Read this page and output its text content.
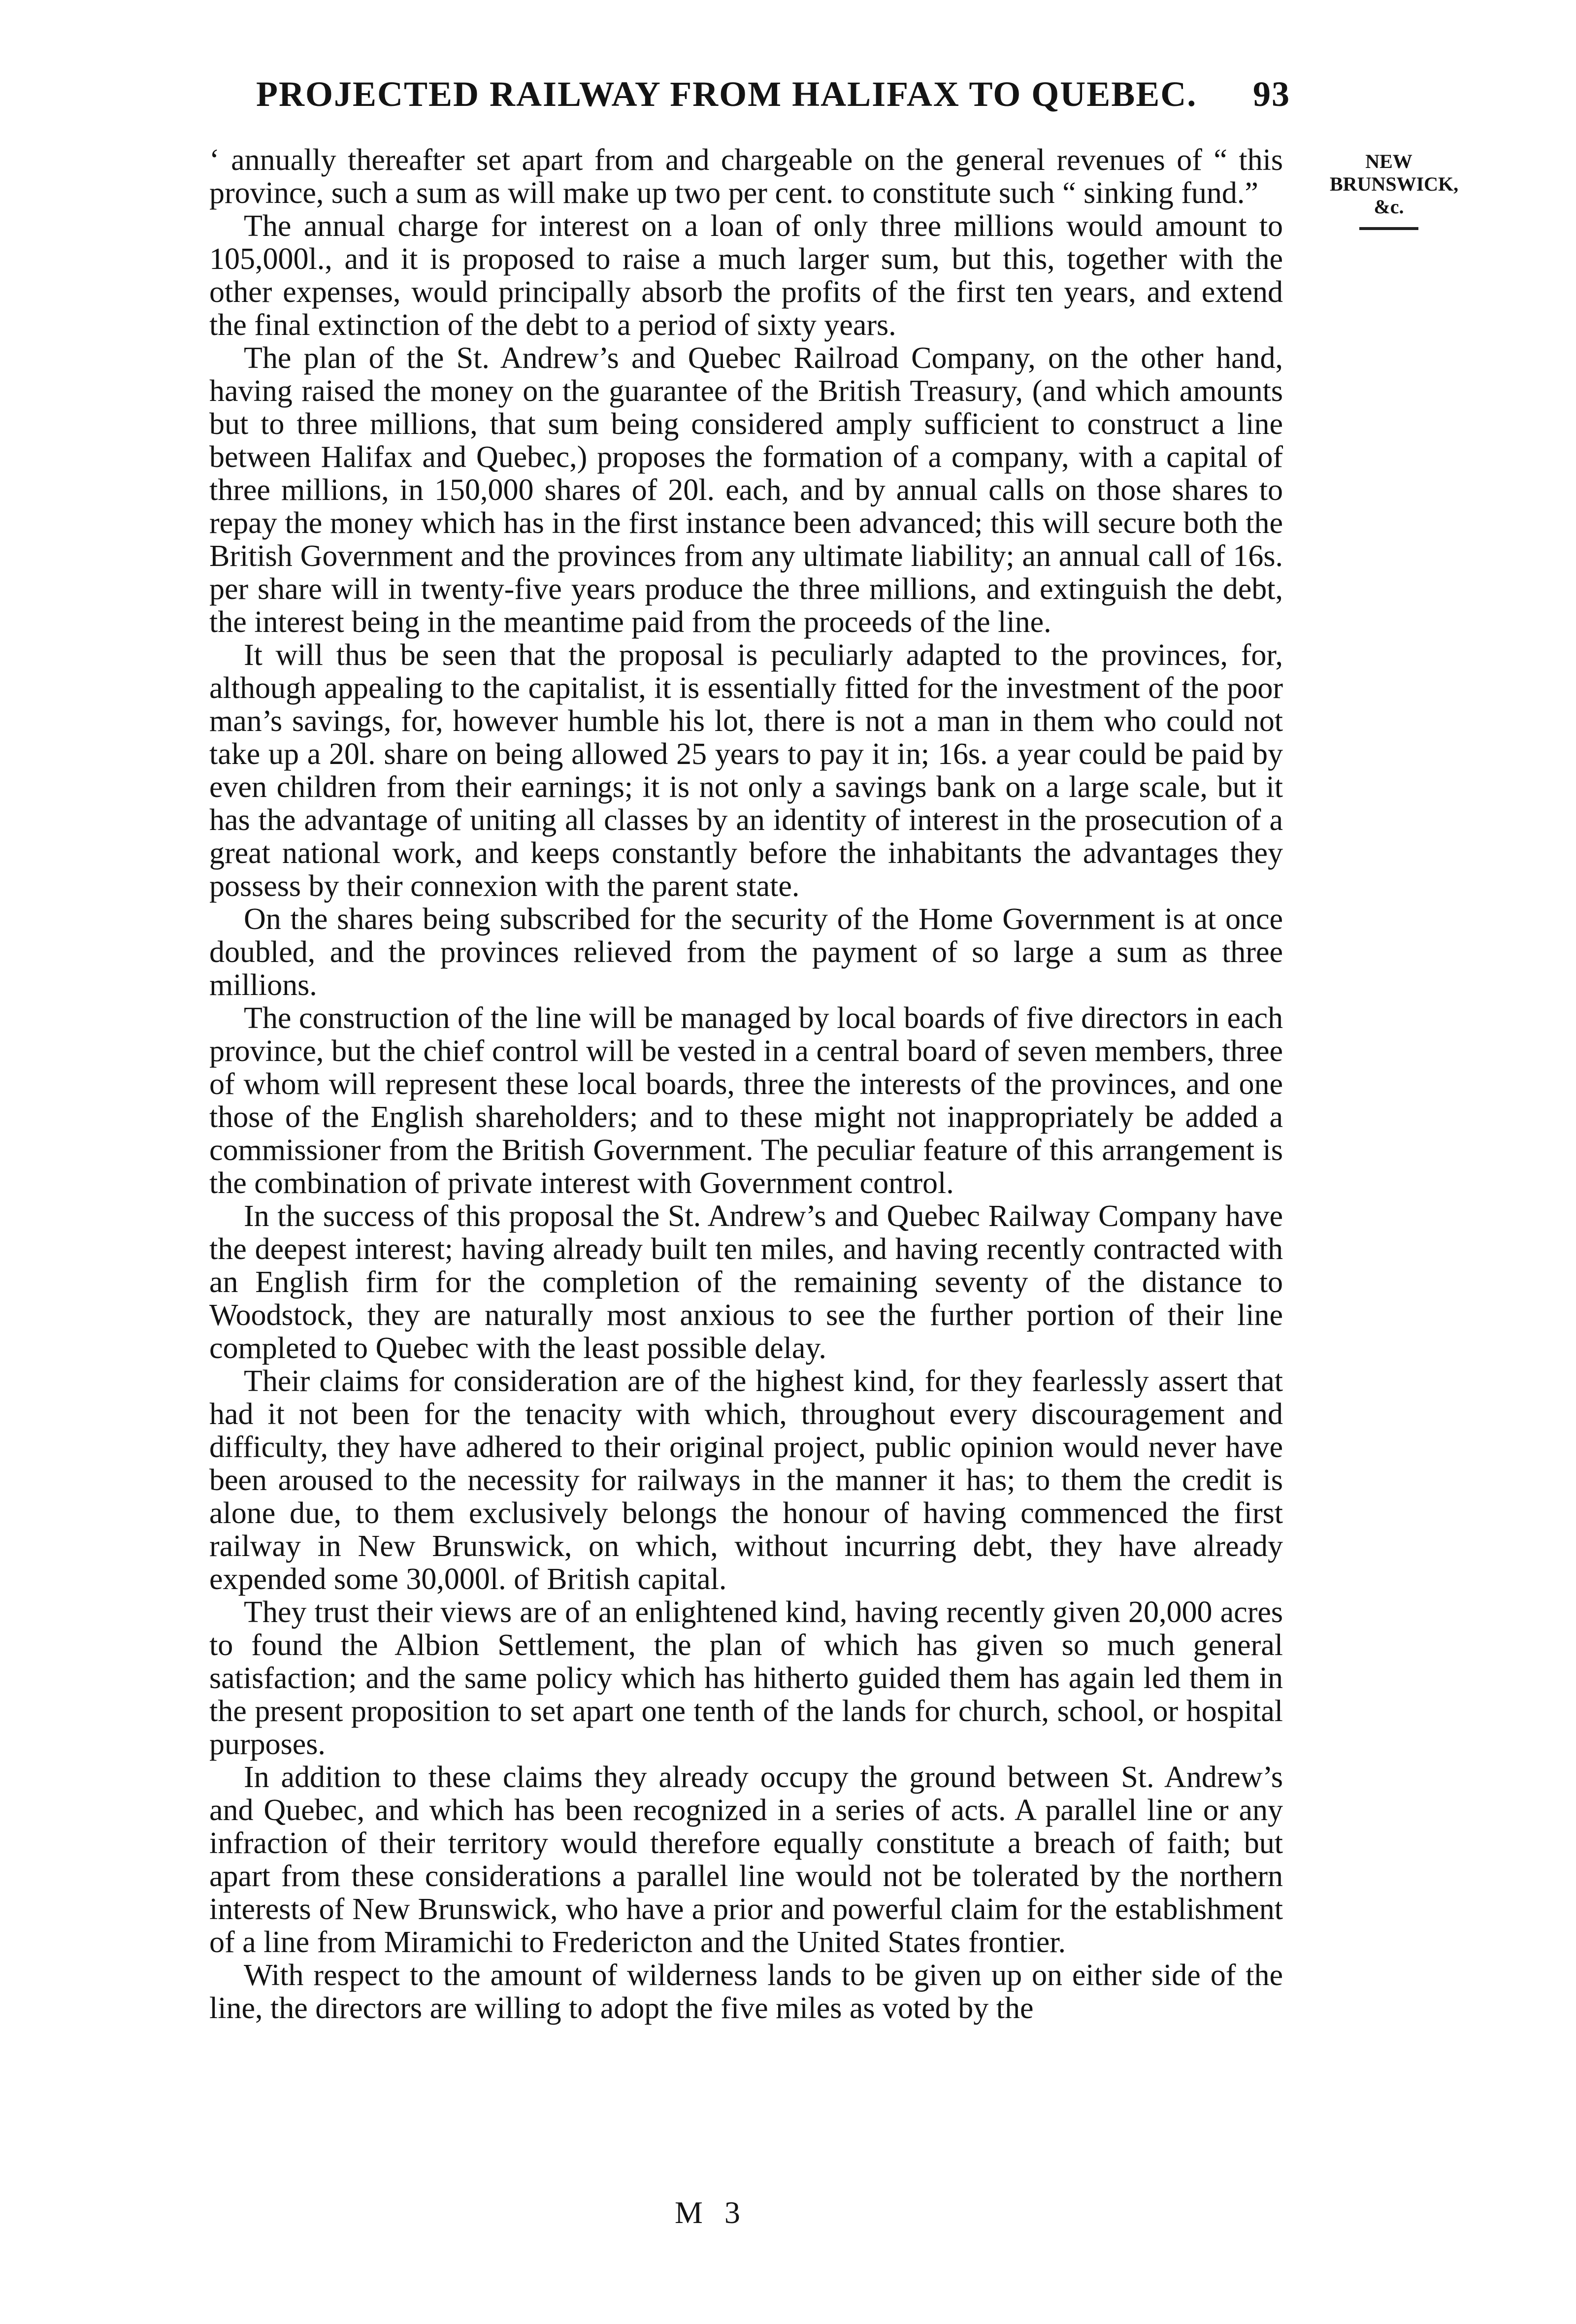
PROJECTED RAILWAY FROM HALIFAX TO QUEBEC. 93
NEW
BRUNSWICK,
&c.

‘ annually thereafter set apart from and chargeable on the general revenues of “ this province, such a sum as will make up two per cent. to constitute such “ sinking fund.”

The annual charge for interest on a loan of only three millions would amount to 105,000l., and it is proposed to raise a much larger sum, but this, together with the other expenses, would principally absorb the profits of the first ten years, and extend the final extinction of the debt to a period of sixty years.

The plan of the St. Andrew’s and Quebec Railroad Company, on the other hand, having raised the money on the guarantee of the British Treasury, (and which amounts but to three millions, that sum being considered amply sufficient to construct a line between Halifax and Quebec,) proposes the formation of a company, with a capital of three millions, in 150,000 shares of 20l. each, and by annual calls on those shares to repay the money which has in the first instance been advanced; this will secure both the British Government and the provinces from any ultimate liability; an annual call of 16s. per share will in twenty-five years produce the three millions, and extinguish the debt, the interest being in the meantime paid from the proceeds of the line.

It will thus be seen that the proposal is peculiarly adapted to the provinces, for, although appealing to the capitalist, it is essentially fitted for the investment of the poor man’s savings, for, however humble his lot, there is not a man in them who could not take up a 20l. share on being allowed 25 years to pay it in; 16s. a year could be paid by even children from their earnings; it is not only a savings bank on a large scale, but it has the advantage of uniting all classes by an identity of interest in the prosecution of a great national work, and keeps constantly before the inhabitants the advantages they possess by their connexion with the parent state.

On the shares being subscribed for the security of the Home Government is at once doubled, and the provinces relieved from the payment of so large a sum as three millions.

The construction of the line will be managed by local boards of five directors in each province, but the chief control will be vested in a central board of seven members, three of whom will represent these local boards, three the interests of the provinces, and one those of the English shareholders; and to these might not inappropriately be added a commissioner from the British Government. The peculiar feature of this arrangement is the combination of private interest with Government control.

In the success of this proposal the St. Andrew’s and Quebec Railway Company have the deepest interest; having already built ten miles, and having recently contracted with an English firm for the completion of the remaining seventy of the distance to Woodstock, they are naturally most anxious to see the further portion of their line completed to Quebec with the least possible delay.

Their claims for consideration are of the highest kind, for they fearlessly assert that had it not been for the tenacity with which, throughout every discouragement and difficulty, they have adhered to their original project, public opinion would never have been aroused to the necessity for railways in the manner it has; to them the credit is alone due, to them exclusively belongs the honour of having commenced the first railway in New Brunswick, on which, without incurring debt, they have already expended some 30,000l. of British capital.

They trust their views are of an enlightened kind, having recently given 20,000 acres to found the Albion Settlement, the plan of which has given so much general satisfaction; and the same policy which has hitherto guided them has again led them in the present proposition to set apart one tenth of the lands for church, school, or hospital purposes.

In addition to these claims they already occupy the ground between St. Andrew’s and Quebec, and which has been recognized in a series of acts. A parallel line or any infraction of their territory would therefore equally constitute a breach of faith; but apart from these considerations a parallel line would not be tolerated by the northern interests of New Brunswick, who have a prior and powerful claim for the establishment of a line from Miramichi to Fredericton and the United States frontier.

With respect to the amount of wilderness lands to be given up on either side of the line, the directors are willing to adopt the five miles as voted by the

M 3
